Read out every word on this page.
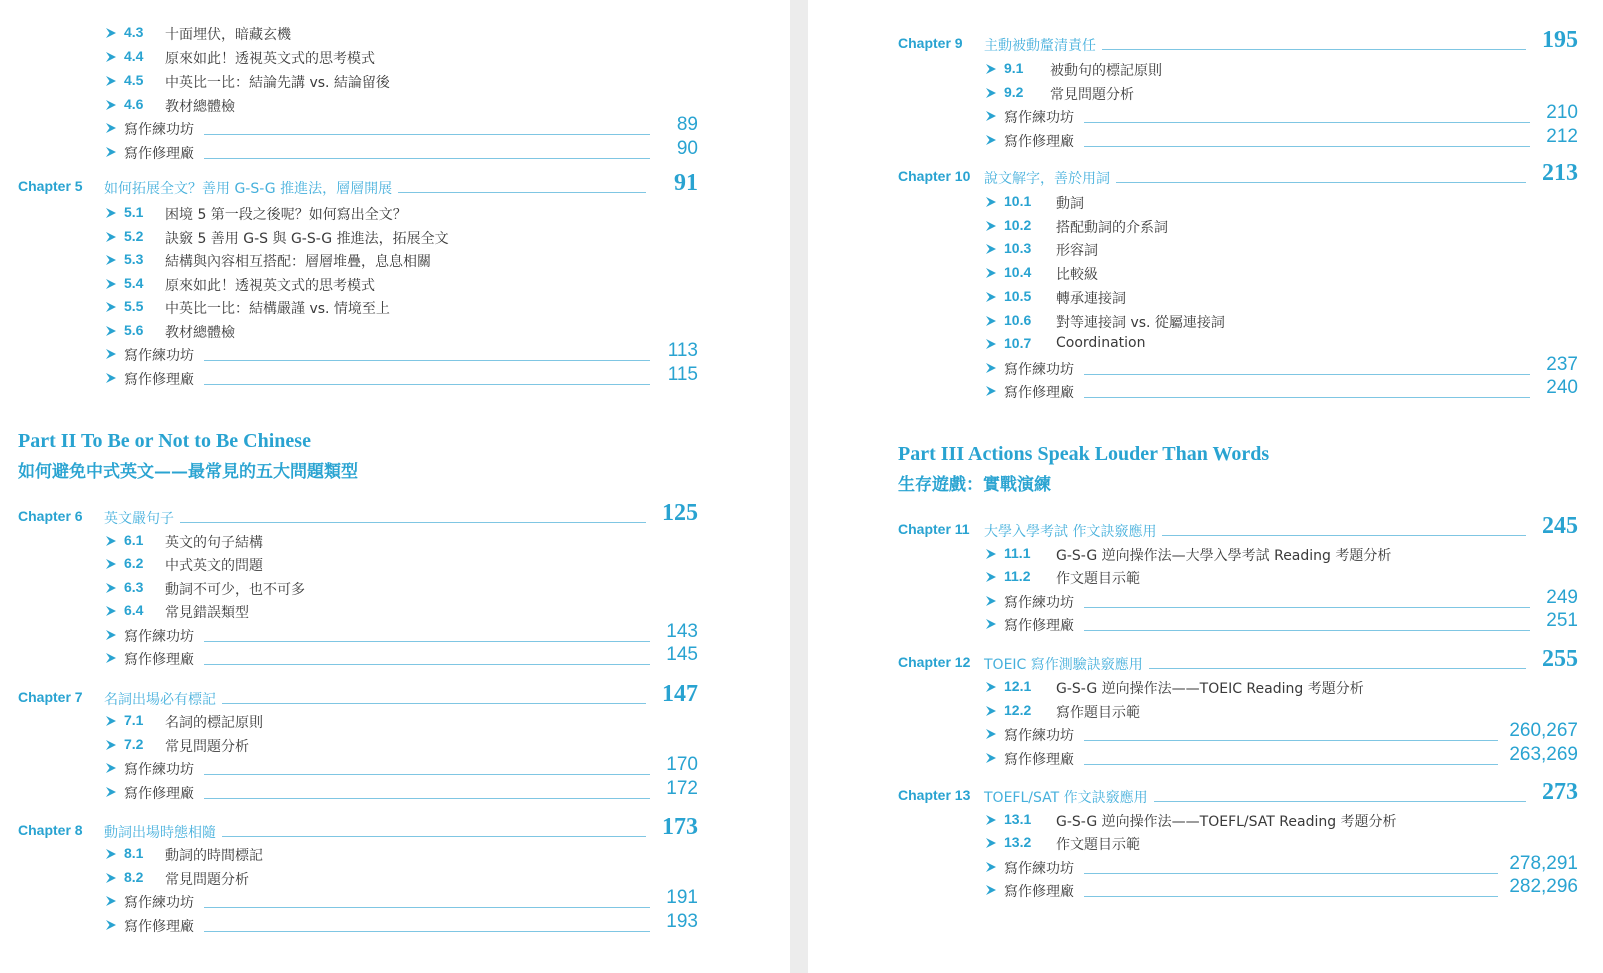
4.3 十面埋伏，暗藏玄機
4.4 原來如此！透視英文式的思考模式
4.5 中英比一比：結論先講 vs. 結論留後
4.6 教材總體檢
寫作練功坊	89
寫作修理廠	90
Chapter 5 如何拓展全文？善用 G-S-G 推進法，層層開展	91
5.1 困境 5 第一段之後呢？如何寫出全文？
5.2 訣竅 5 善用 G-S 與 G-S-G 推進法，拓展全文
5.3 結構與內容相互搭配：層層堆疊，息息相關
5.4 原來如此！透視英文式的思考模式
5.5 中英比一比：結構嚴謹 vs. 情境至上
5.6 教材總體檢
寫作練功坊	113
寫作修理廠	115
Part II To Be or Not to Be Chinese
如何避免中式英文——最常見的五大問題類型
Chapter 6 英文嚴句子	125
6.1 英文的句子結構
6.2 中式英文的問題
6.3 動詞不可少，也不可多
6.4 常見錯誤類型
寫作練功坊	143
寫作修理廠	145
Chapter 7 名詞出場必有標記	147
7.1 名詞的標記原則
7.2 常見問題分析
寫作練功坊	170
寫作修理廠	172
Chapter 8 動詞出場時態相隨	173
8.1 動詞的時間標記
8.2 常見問題分析
寫作練功坊	191
寫作修理廠	193
Chapter 9 主動被動釐清責任	195
9.1 被動句的標記原則
9.2 常見問題分析
寫作練功坊	210
寫作修理廠	212
Chapter 10 說文解字，善於用詞	213
10.1 動詞
10.2 搭配動詞的介系詞
10.3 形容詞
10.4 比較級
10.5 轉承連接詞
10.6 對等連接詞 vs. 從屬連接詞
10.7 Coordination
寫作練功坊	237
寫作修理廠	240
Part III Actions Speak Louder Than Words
生存遊戲：實戰演練
Chapter 11 大學入學考試 作文訣竅應用	245
11.1 G-S-G 逆向操作法—大學入學考試 Reading 考題分析
11.2 作文題目示範
寫作練功坊	249
寫作修理廠	251
Chapter 12 TOEIC 寫作測驗訣竅應用	255
12.1 G-S-G 逆向操作法——TOEIC Reading 考題分析
12.2 寫作題目示範
寫作練功坊	260,267
寫作修理廠	263,269
Chapter 13 TOEFL/SAT 作文訣竅應用	273
13.1 G-S-G 逆向操作法——TOEFL/SAT Reading 考題分析
13.2 作文題目示範
寫作練功坊	278,291
寫作修理廠	282,296
